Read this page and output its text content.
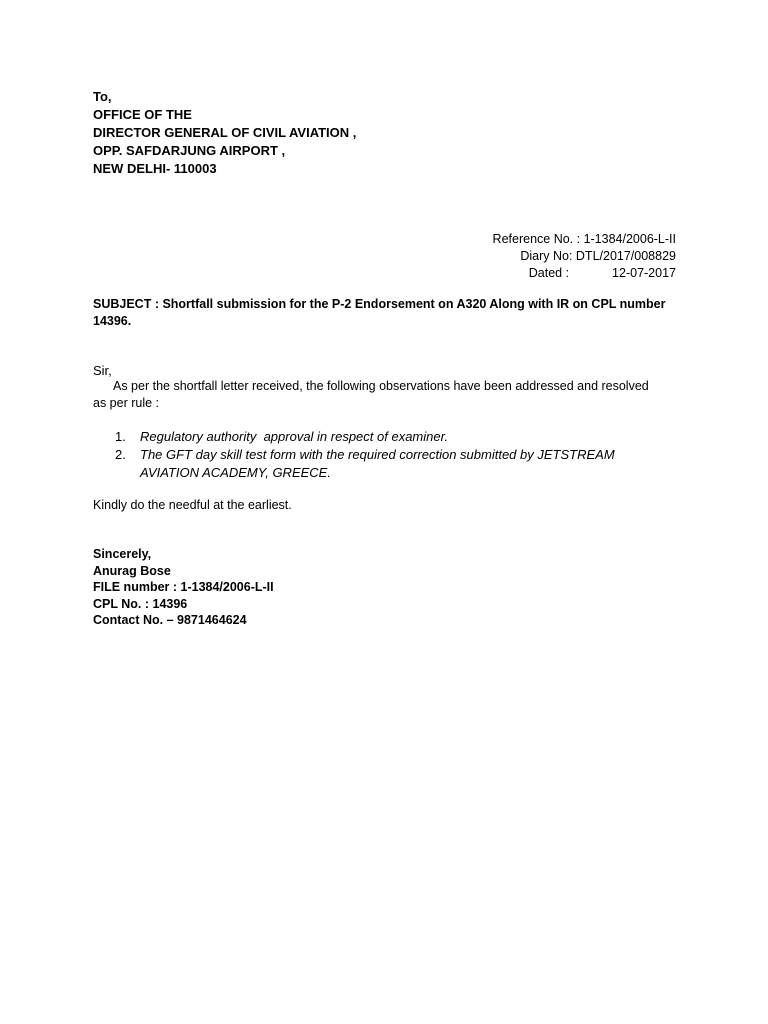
To,
OFFICE OF THE
DIRECTOR GENERAL OF CIVIL AVIATION ,
OPP. SAFDARJUNG AIRPORT ,
NEW DELHI- 110003
Reference No. : 1-1384/2006-L-II
Diary No: DTL/2017/008829
Dated :	12-07-2017
SUBJECT : Shortfall submission for the P-2 Endorsement on A320 Along with IR on CPL number
14396.
Sir,
As per the shortfall letter received, the following observations have been addressed and resolved
as per rule :
1.	Regulatory authority  approval in respect of examiner.
2.	The GFT day skill test form with the required correction submitted by JETSTREAM
AVIATION ACADEMY, GREECE.
Kindly do the needful at the earliest.
Sincerely,
Anurag Bose
FILE number : 1-1384/2006-L-II
CPL No. : 14396
Contact No. – 9871464624
